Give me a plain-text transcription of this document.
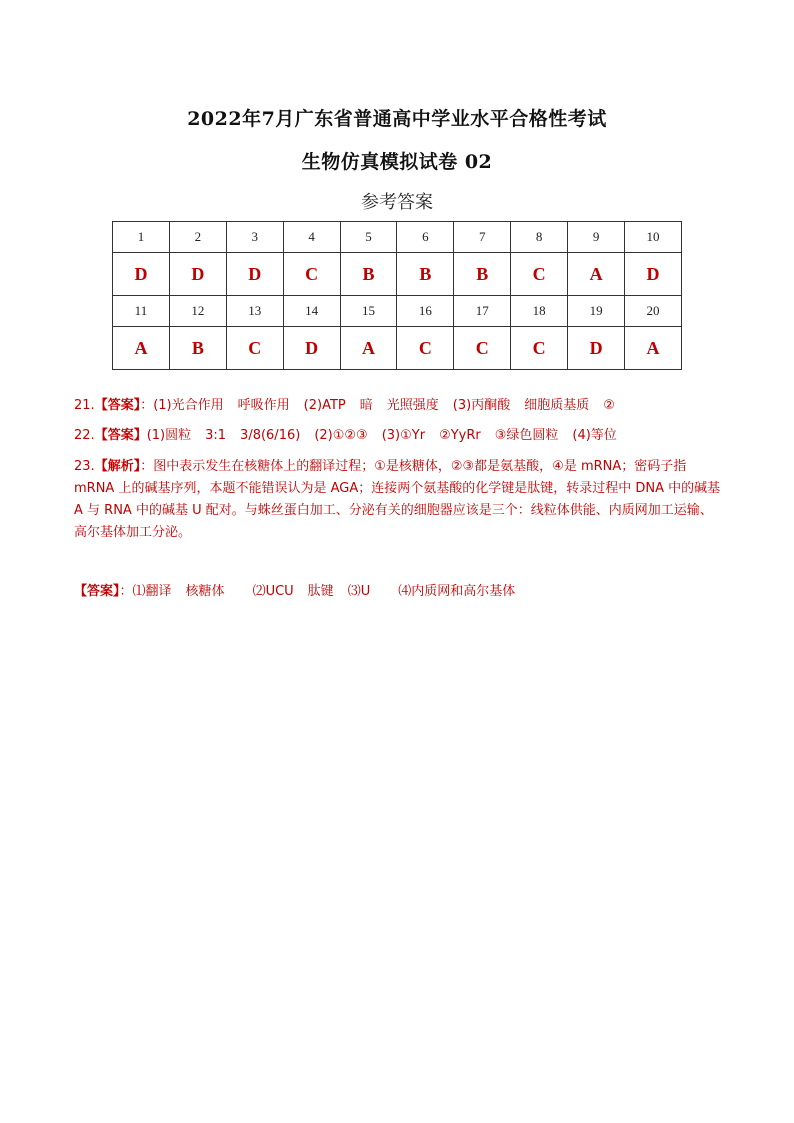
2022年7月广东省普通高中学业水平合格性考试
生物仿真模拟试卷 02
参考答案
1	2	3	4	5	6	7	8	9	10
D	D	D	C	B	B	B	C	A	D
11	12	13	14	15	16	17	18	19	20
A	B	C	D	A	C	C	C	D	A
21.【答案】：(1)光合作用 呼吸作用 (2)ATP 暗 光照强度 (3)丙酮酸 细胞质基质 ②
22.【答案】(1)圆粒 3:1 3/8(6/16) (2)①②③ (3)①Yr ②YyRr ③绿色圆粒 (4)等位
23.【解析】：图中表示发生在核糖体上的翻译过程；①是核糖体，②③都是氨基酸，④是 mRNA；密码子指 mRNA 上的碱基序列，本题不能错误认为是 AGA；连接两个氨基酸的化学键是肽键，转录过程中 DNA 中的碱基 A 与 RNA 中的碱基 U 配对。与蛛丝蛋白加工、分泌有关的细胞器应该是三个：线粒体供能、内质网加工运输、高尔基体加工分泌。
【答案】：⑴翻译 核糖体 ⑵UCU 肽键 ⑶U ⑷内质网和高尔基体
